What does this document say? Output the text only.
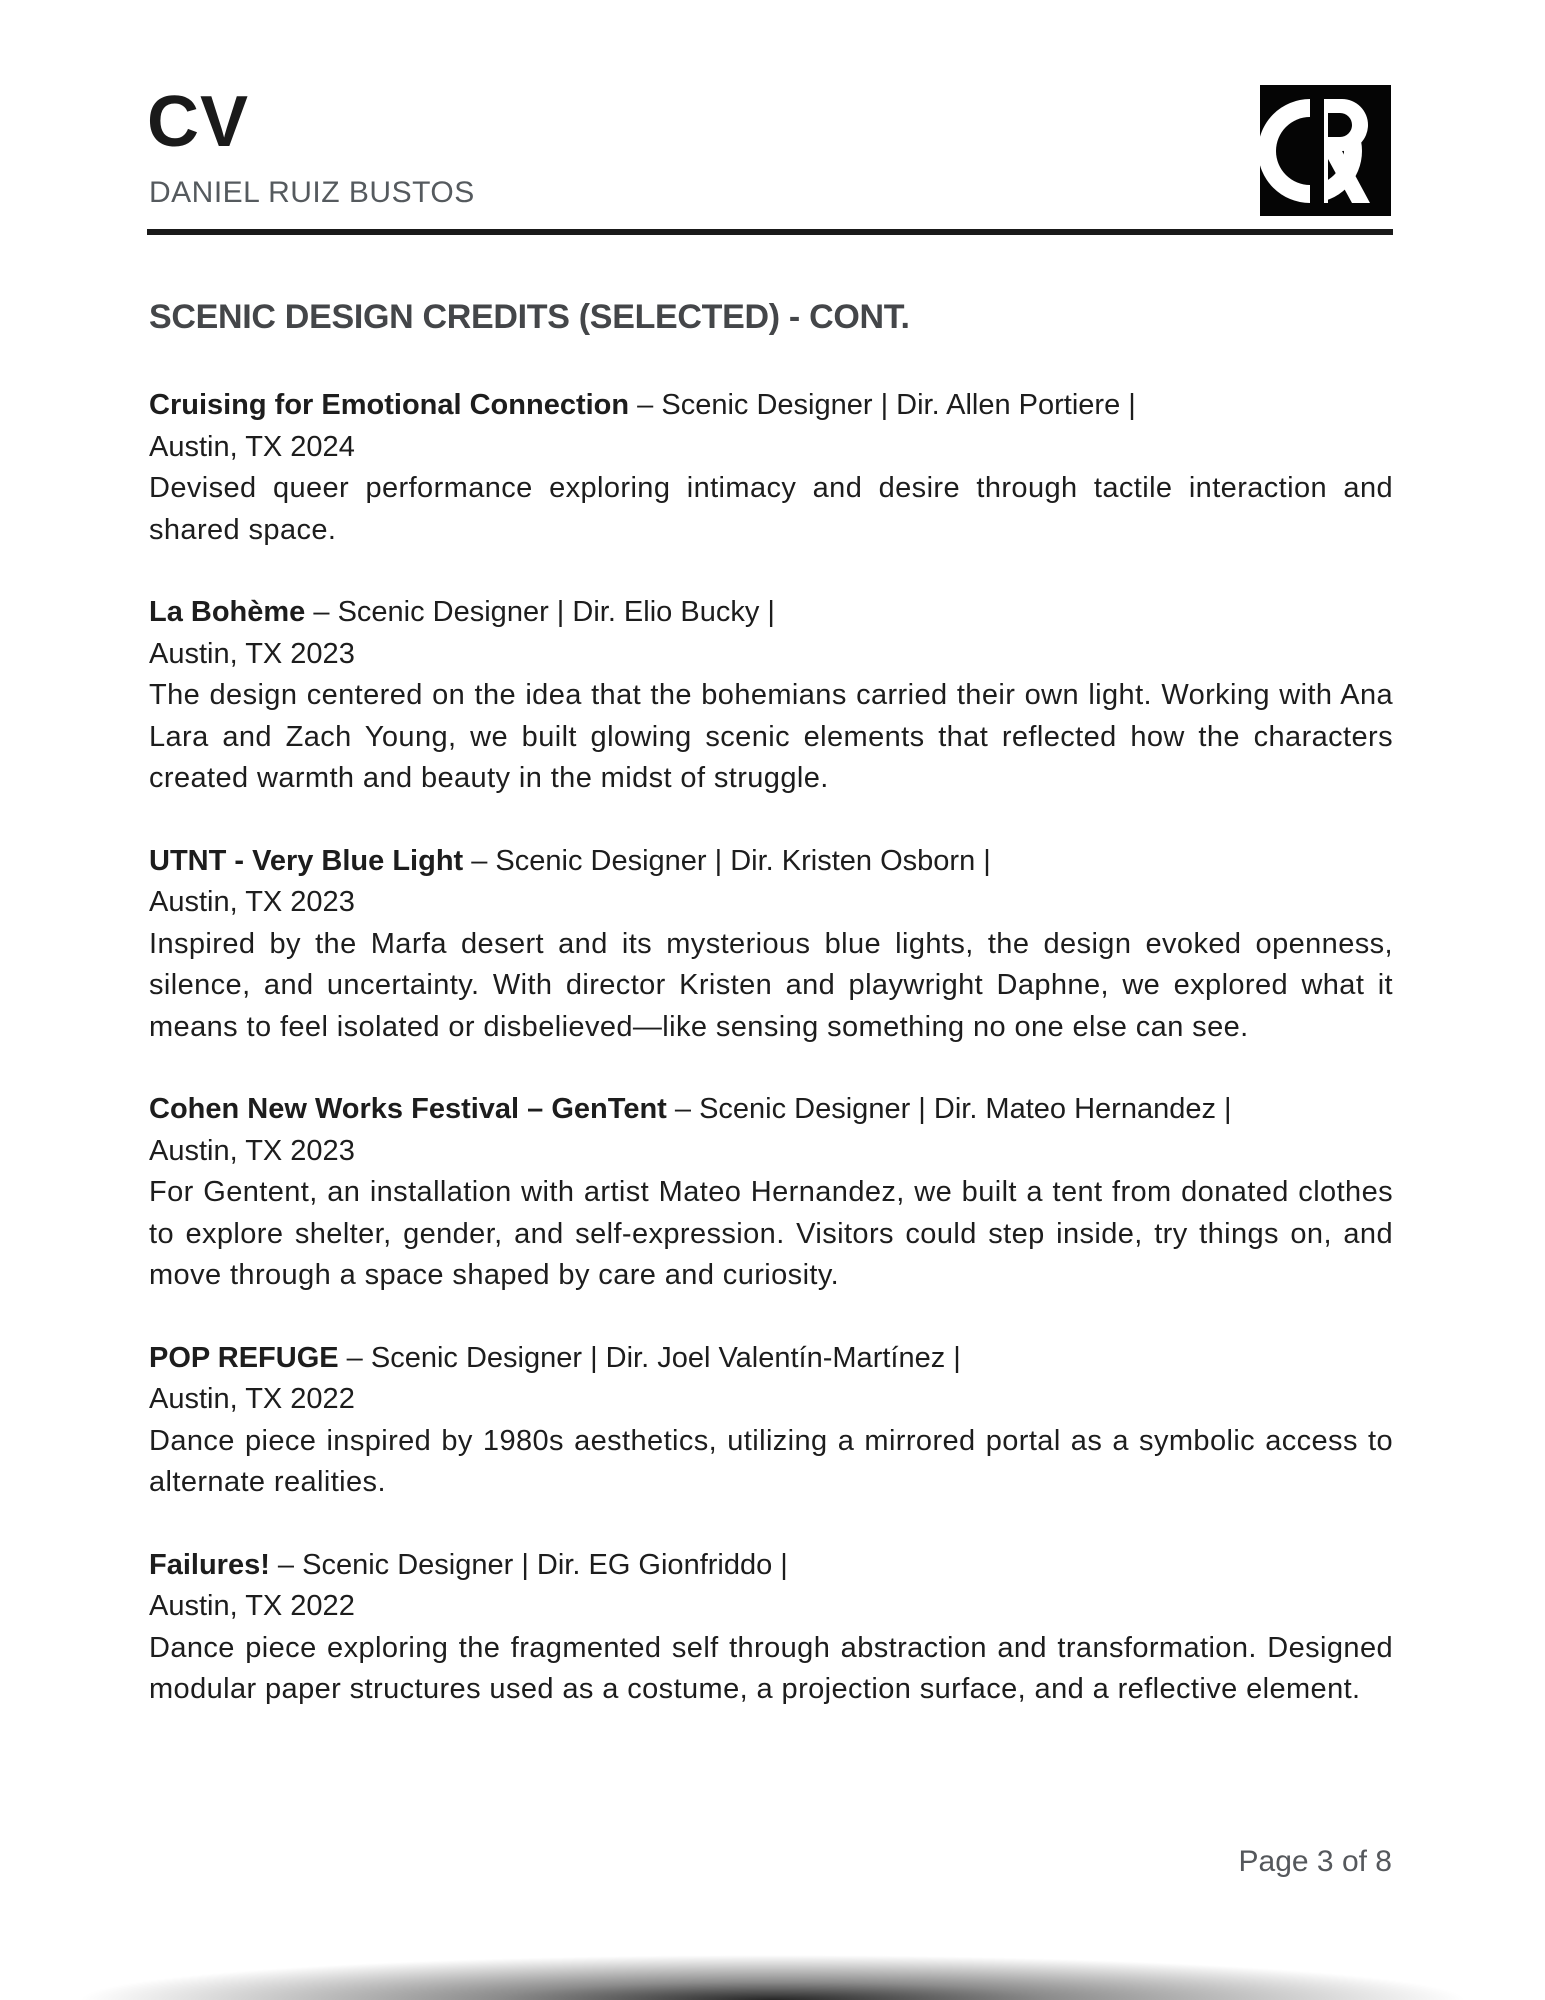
CV
DANIEL RUIZ BUSTOS
SCENIC DESIGN CREDITS (SELECTED) - CONT.

Cruising for Emotional Connection – Scenic Designer | Dir. Allen Portiere |

Austin, TX 2024

Devised queer performance exploring intimacy and desire through tactile interaction and shared space.

La Bohème – Scenic Designer | Dir. Elio Bucky |

Austin, TX 2023

The design centered on the idea that the bohemians carried their own light. Working with Ana Lara and Zach Young, we built glowing scenic elements that reflected how the characters created warmth and beauty in the midst of struggle.

UTNT - Very Blue Light – Scenic Designer | Dir. Kristen Osborn |

Austin, TX 2023

Inspired by the Marfa desert and its mysterious blue lights, the design evoked openness, silence, and uncertainty. With director Kristen and playwright Daphne, we explored what it means to feel isolated or disbelieved—like sensing something no one else can see.

Cohen New Works Festival – GenTent – Scenic Designer | Dir. Mateo Hernandez |

Austin, TX 2023

For Gentent, an installation with artist Mateo Hernandez, we built a tent from donated clothes to explore shelter, gender, and self-expression. Visitors could step inside, try things on, and move through a space shaped by care and curiosity.

POP REFUGE – Scenic Designer | Dir. Joel Valentín-Martínez |

Austin, TX 2022

Dance piece inspired by 1980s aesthetics, utilizing a mirrored portal as a symbolic access to alternate realities.

Failures! – Scenic Designer | Dir. EG Gionfriddo |

Austin, TX 2022

Dance piece exploring the fragmented self through abstraction and transformation. Designed modular paper structures used as a costume, a projection surface, and a reflective element.

Page 3 of 8
